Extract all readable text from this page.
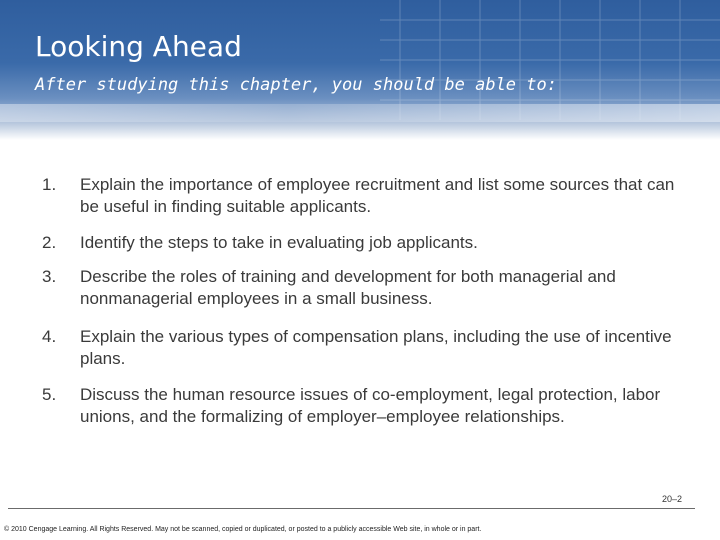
Looking Ahead
After studying this chapter, you should be able to:
1.	Explain the importance of employee recruitment and list some sources that can be useful in finding suitable applicants.
2.	Identify the steps to take in evaluating job applicants.
3.	Describe the roles of training and development for both managerial and nonmanagerial employees in a small business.
4.	Explain the various types of compensation plans, including the use of incentive plans.
5.	Discuss the human resource issues of co-employment, legal protection, labor unions, and the formalizing of employer–employee relationships.
20–2
© 2010 Cengage Learning. All Rights Reserved. May not be scanned, copied or duplicated, or posted to a publicly accessible Web site, in whole or in part.
